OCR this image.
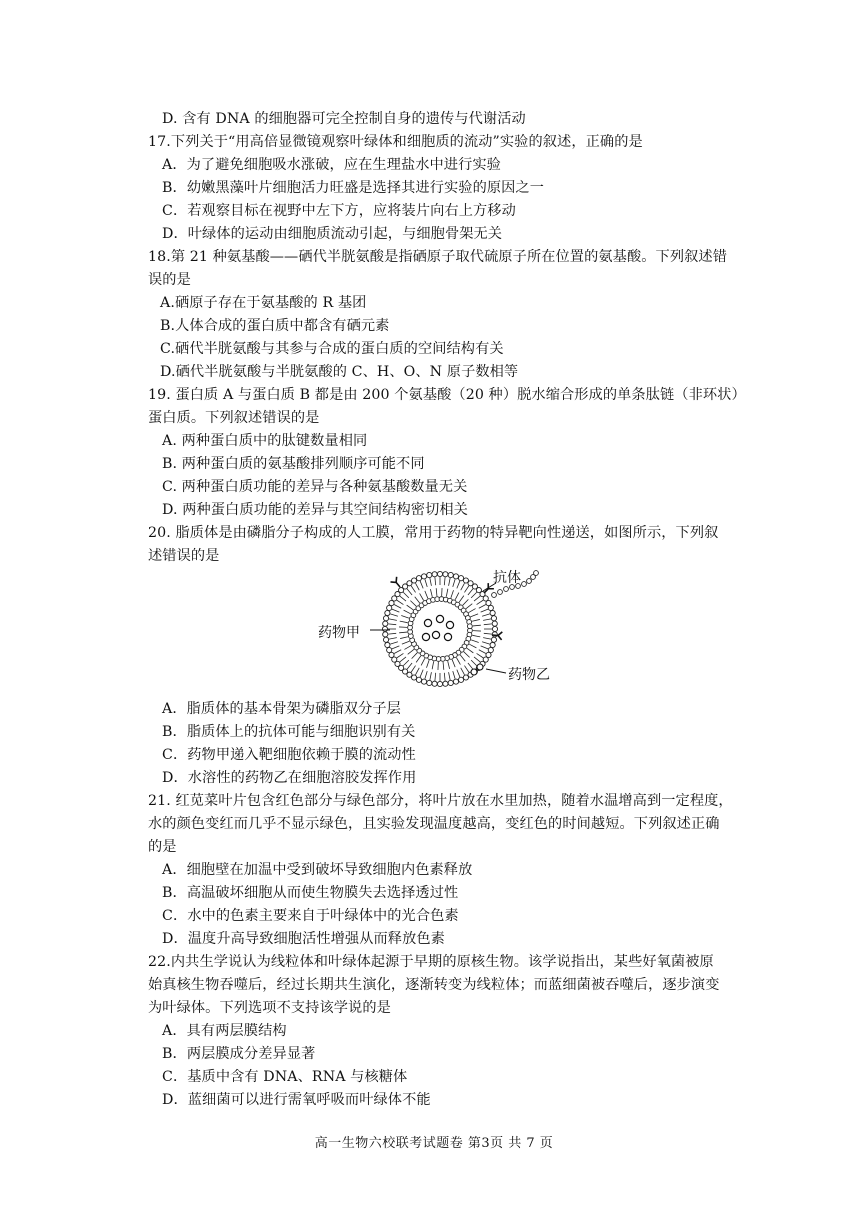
D. 含有 DNA 的细胞器可完全控制自身的遗传与代谢活动
17.下列关于“用高倍显微镜观察叶绿体和细胞质的流动”实验的叙述，正确的是
A．为了避免细胞吸水涨破，应在生理盐水中进行实验
B．幼嫩黑藻叶片细胞活力旺盛是选择其进行实验的原因之一
C．若观察目标在视野中左下方，应将装片向右上方移动
D．叶绿体的运动由细胞质流动引起，与细胞骨架无关
18.第 21 种氨基酸——硒代半胱氨酸是指硒原子取代硫原子所在位置的氨基酸。下列叙述错
误的是
A.硒原子存在于氨基酸的 R 基团
B.人体合成的蛋白质中都含有硒元素
C.硒代半胱氨酸与其参与合成的蛋白质的空间结构有关
D.硒代半胱氨酸与半胱氨酸的 C、H、O、N 原子数相等
19. 蛋白质 A 与蛋白质 B 都是由 200 个氨基酸（20 种）脱水缩合形成的单条肽链（非环状）
蛋白质。下列叙述错误的是
A. 两种蛋白质中的肽键数量相同
B. 两种蛋白质的氨基酸排列顺序可能不同
C. 两种蛋白质功能的差异与各种氨基酸数量无关
D. 两种蛋白质功能的差异与其空间结构密切相关
20. 脂质体是由磷脂分子构成的人工膜，常用于药物的特异靶向性递送，如图所示，下列叙
述错误的是
A．脂质体的基本骨架为磷脂双分子层
B．脂质体上的抗体可能与细胞识别有关
C．药物甲递入靶细胞依赖于膜的流动性
D．水溶性的药物乙在细胞溶胶发挥作用
21. 红苋菜叶片包含红色部分与绿色部分，将叶片放在水里加热，随着水温增高到一定程度，
水的颜色变红而几乎不显示绿色，且实验发现温度越高，变红色的时间越短。下列叙述正确
的是
A．细胞壁在加温中受到破坏导致细胞内色素释放
B．高温破坏细胞从而使生物膜失去选择透过性
C．水中的色素主要来自于叶绿体中的光合色素
D．温度升高导致细胞活性增强从而释放色素
22.内共生学说认为线粒体和叶绿体起源于早期的原核生物。该学说指出，某些好氧菌被原
始真核生物吞噬后，经过长期共生演化，逐渐转变为线粒体；而蓝细菌被吞噬后，逐步演变
为叶绿体。下列选项不支持该学说的是
A．具有两层膜结构
B．两层膜成分差异显著
C．基质中含有 DNA、RNA 与核糖体
D．蓝细菌可以进行需氧呼吸而叶绿体不能
抗体
药物甲
药物乙
高一生物六校联考试题卷 第3页 共 7 页
